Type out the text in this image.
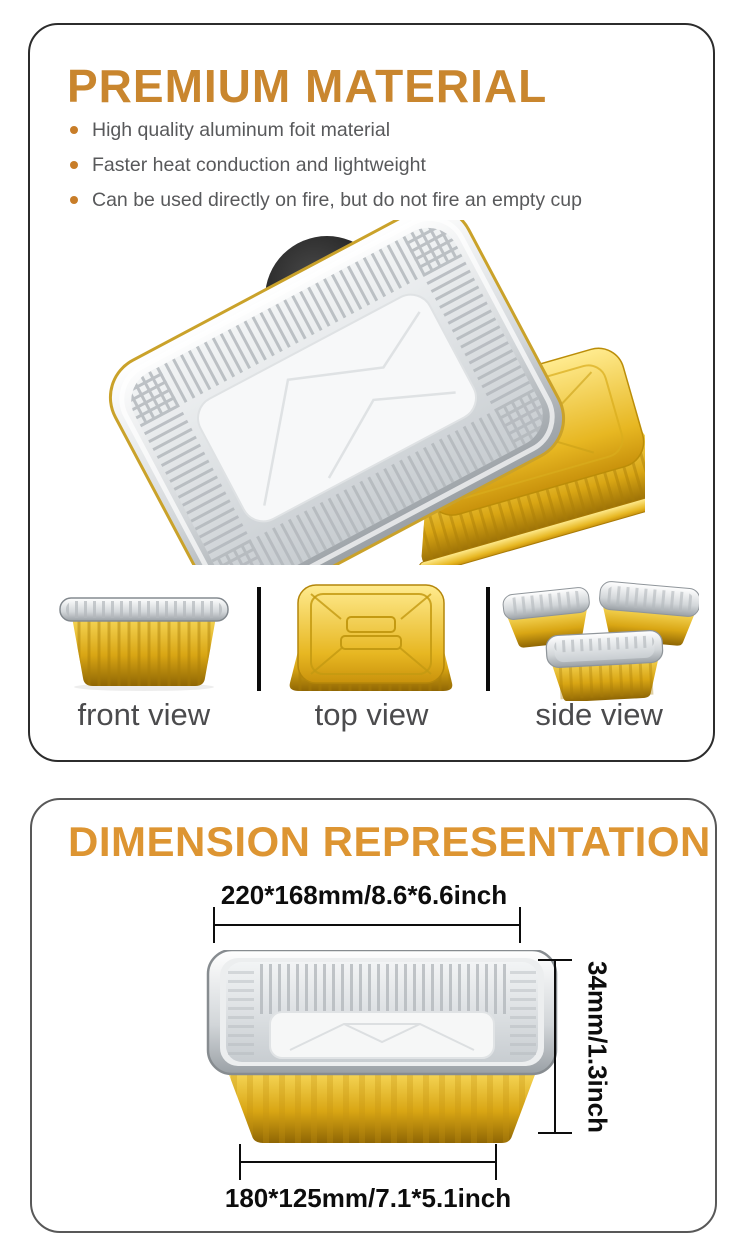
PREMIUM MATERIAL
High quality aluminum foit material
Faster heat conduction and lightweight
Can be used directly on fire, but do not fire an empty cup
front view	top view	side view
DIMENSION REPRESENTATION
220*168mm/8.6*6.6inch
34mm/1.3inch
180*125mm/7.1*5.1inch
